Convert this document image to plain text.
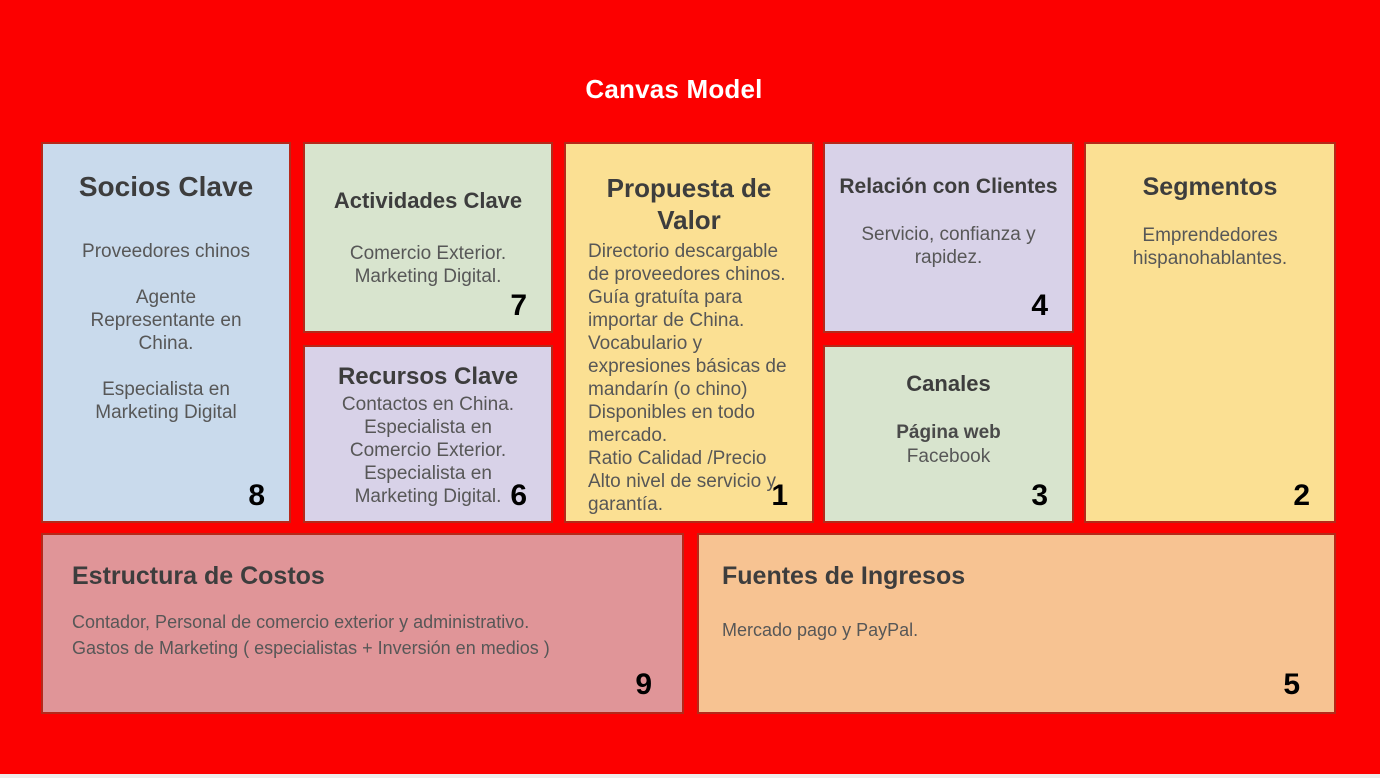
Canvas Model
Socios Clave
Proveedores chinos

Agente
Representante en
China.

Especialista en
Marketing Digital
8
Actividades Clave
Comercio Exterior.
Marketing Digital.
7
Recursos Clave
Contactos en China.
Especialista en
Comercio Exterior.
Especialista en
Marketing Digital. 6
Propuesta de Valor
Directorio descargable
de proveedores chinos.
Guía gratuíta para
importar de China.
Vocabulario y
expresiones básicas de
mandarín (o chino)
Disponibles en todo
mercado.
Ratio Calidad /Precio
Alto nivel de servicio y
garantía.	1
Relación con Clientes
Servicio, confianza y
rapidez.
4
Canales
Página web
Facebook
3
Segmentos
Emprendedores
hispanohablantes.
2
Estructura de Costos
Contador, Personal de comercio exterior y administrativo.
Gastos de Marketing ( especialistas + Inversión en medios )
9
Fuentes de Ingresos
Mercado pago y PayPal.
5
